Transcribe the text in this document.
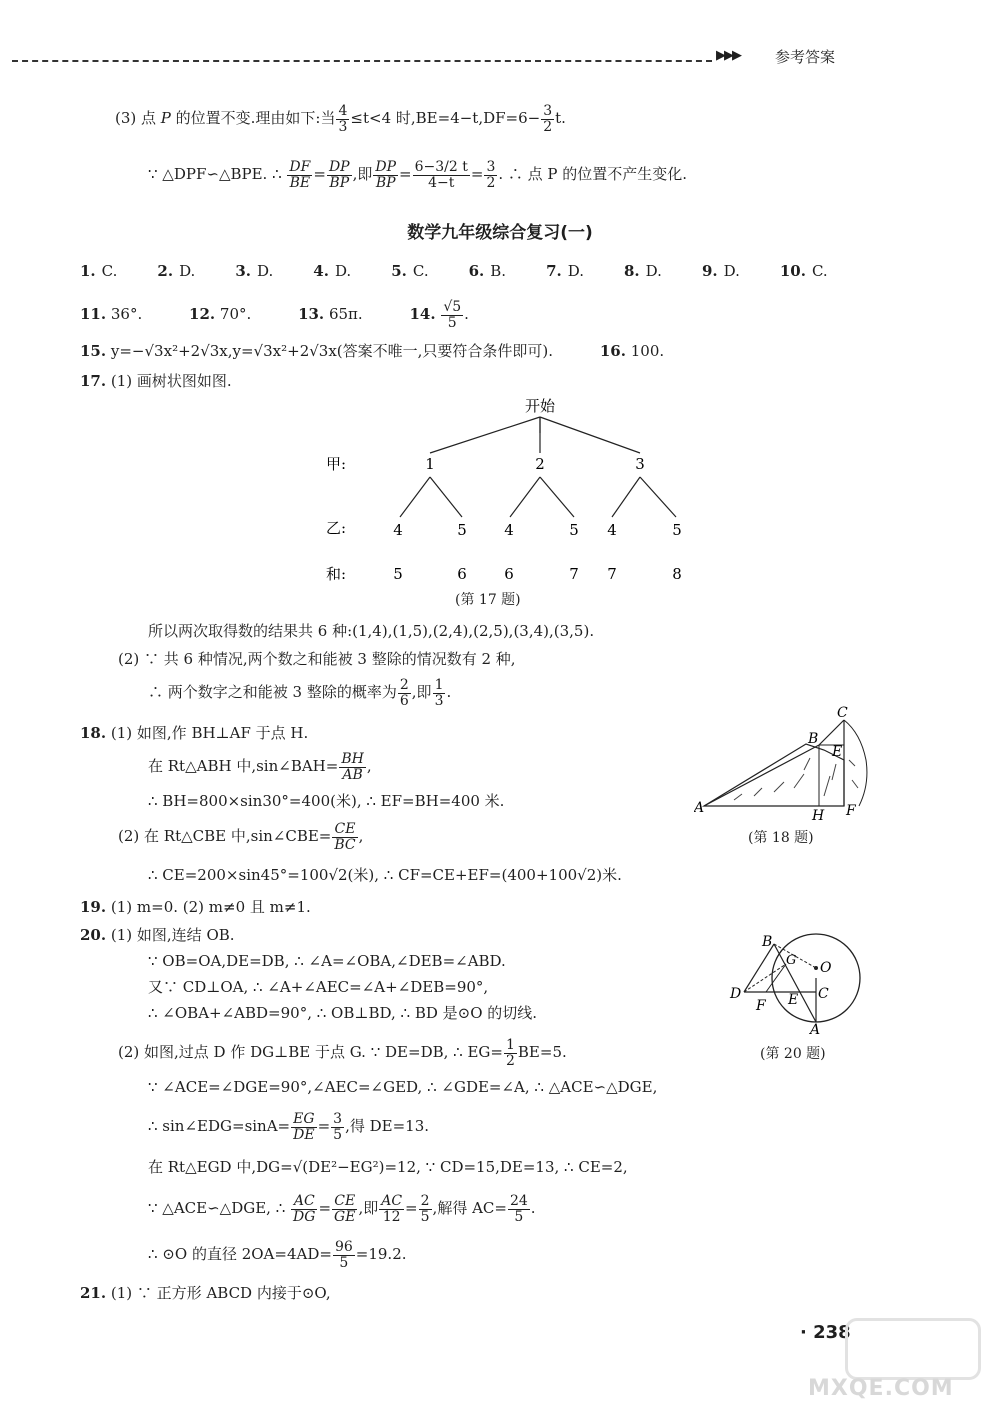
▶▶▶ 参考答案
(3) 点 P 的位置不变.理由如下:当 $\frac{4}{3} \le t<4$ 时$,BE=4-t,DF=6- \frac{3}{2} t$.
∵ △DPF∽△BPE. ∴ $\frac{DF}{BE} = \frac{DP}{BP}$ ,即 $\frac{DP}{BP} = \frac{6-3/2 t}{4-t} = \frac{3}{2}$ . ∴ 点 P 的位置不产生变化.
数学九年级综合复习(一)
1. C.	2. D.	3. D.	4. D.	5. C.	6. B.	7. D.	8. D.	9. D.	10. C.
11. 36°.	12. 70°.	13. 65π.	14. $\frac{√5}{5}$ .
15. y=−√3x²+2√3x,y=√3x²+2√3x(答案不唯一,只要符合条件即可).	16. 100.
17. (1) 画树状图如图.
开始
甲:
乙:
和:
1	2	3
4	5 4	5 4	5
5	6 6	7 7	8
(第 17 题)
所以两次取得数的结果共 6 种:(1,4),(1,5),(2,4),(2,5),(3,4),(3,5).
(2) ∵ 共 6 种情况,两个数之和能被 3 整除的情况数有 2 种,
∴ 两个数字之和能被 3 整除的概率为 $\frac{2}{6}$ ,即 $\frac{1}{3}$ .
18. (1) 如图,作 BH⊥AF 于点 H.
在 Rt△ABH 中,sin∠BAH= $\frac{BH}{AB}$ ,
∴ BH=800×sin30°=400(米), ∴ EF=BH=400 米.
(2) 在 Rt△CBE 中,sin∠CBE= $\frac{CE}{BC}$ ,
∴ CE=200×sin45°=100√2(米), ∴ CF=CE+EF=(400+100√2)米.
A
B
C
E
F
H
(第 18 题)
19. (1) m=0. (2) m≠0 且 m≠1.
20. (1) 如图,连结 OB.
∵ OB=OA,DE=DB, ∴ ∠A=∠OBA,∠DEB=∠ABD.
又∵ CD⊥OA, ∴ ∠A+∠AEC=∠A+∠DEB=90°,
∴ ∠OBA+∠ABD=90°, ∴ OB⊥BD, ∴ BD 是⊙O 的切线.
(2) 如图,过点 D 作 DG⊥BE 于点 G. ∵ DE=DB, ∴ $EG= \frac{1}{2} BE=5$.
∵ ∠ACE=∠DGE=90°,∠AEC=∠GED, ∴ ∠GDE=∠A, ∴ △ACE∽△DGE,
∴ sin∠EDG=sinA= $\frac{EG}{DE} = \frac{3}{5}$ ,得 DE=13.
在 Rt△EGD 中,DG=√(DE²−EG²)=12, ∵ CD=15,DE=13, ∴ CE=2,
∵ △ACE∽△DGE, ∴ $\frac{AC}{DG} = \frac{CE}{GE}$ ,即 $\frac{AC}{12} = \frac{2}{5}$ ,解得 $AC= \frac{24}{5}$ .
∴ ⊙O 的直径 $2OA=4AD= \frac{96}{5} =19.2$.
B
G O
D
F E C
A
(第 20 题)
21. (1) ∵ 正方形 ABCD 内接于⊙O,
· 238
MXQE.COM
